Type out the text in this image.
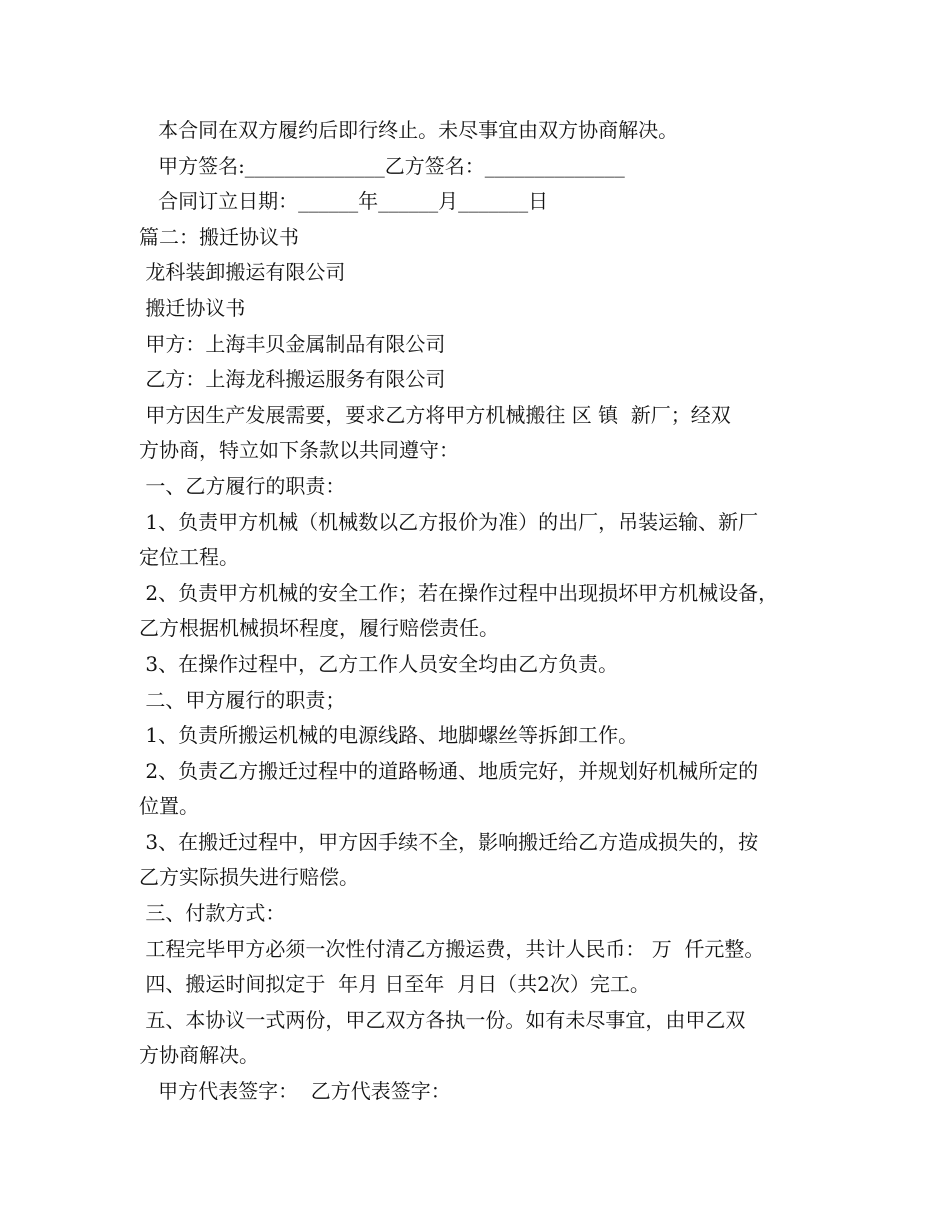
本合同在双方履约后即行终止。未尽事宜由双方协商解决。
甲方签名:______________乙方签名：______________
合同订立日期：______年______月_______日
篇二：搬迁协议书
龙科装卸搬运有限公司
搬迁协议书
甲方：上海丰贝金属制品有限公司
乙方：上海龙科搬运服务有限公司
甲方因生产发展需要，要求乙方将甲方机械搬往 区 镇  新厂；经双
方协商，特立如下条款以共同遵守：
一、乙方履行的职责：
1、负责甲方机械（机械数以乙方报价为准）的出厂，吊装运输、新厂
定位工程。
2、负责甲方机械的安全工作；若在操作过程中出现损坏甲方机械设备，
乙方根据机械损坏程度，履行赔偿责任。
3、在操作过程中，乙方工作人员安全均由乙方负责。
二、甲方履行的职责；
1、负责所搬运机械的电源线路、地脚螺丝等拆卸工作。
2、负责乙方搬迁过程中的道路畅通、地质完好，并规划好机械所定的
位置。
3、在搬迁过程中，甲方因手续不全，影响搬迁给乙方造成损失的，按
乙方实际损失进行赔偿。
三、付款方式：
工程完毕甲方必须一次性付清乙方搬运费，共计人民币： 万  仟元整。
四、搬运时间拟定于  年月 日至年  月日（共2次）完工。
五、本协议一式两份，甲乙双方各执一份。如有未尽事宜，由甲乙双
方协商解决。
甲方代表签字：  乙方代表签字：
